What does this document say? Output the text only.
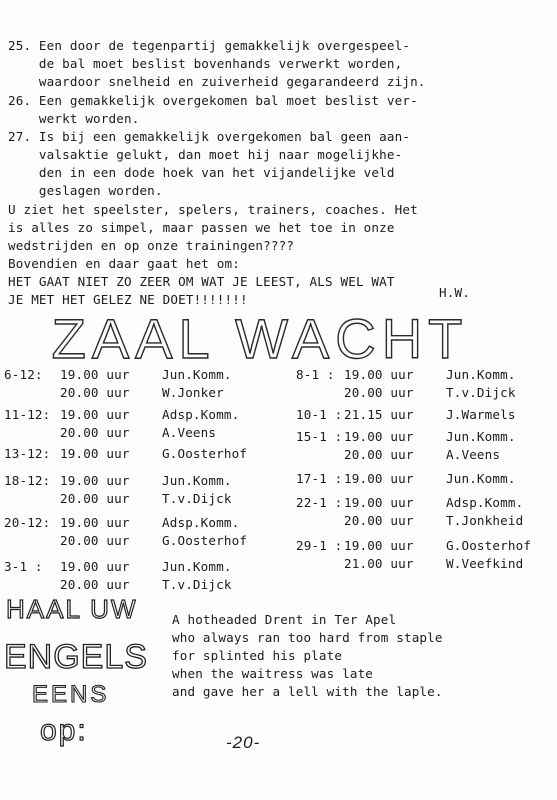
25. Een door de tegenpartij gemakkelijk overgespeel-

de bal moet beslist bovenhands verwerkt worden,

waardoor snelheid en zuiverheid gegarandeerd zijn.

26. Een gemakkelijk overgekomen bal moet beslist ver-

werkt worden.

27. Is bij een gemakkelijk overgekomen bal geen aan-

valsaktie gelukt, dan moet hij naar mogelijkhe-

den in een dode hoek van het vijandelijke veld

geslagen worden.

U ziet het speelster, spelers, trainers, coaches. Het

is alles zo simpel, maar passen we het toe in onze

wedstrijden en op onze trainingen????

Bovendien en daar gaat het om:

HET GAAT NIET ZO ZEER OM WAT JE LEEST, ALS WEL WAT

JE MET HET GELEZ NE DOET!!!!!!!	H.W.
ZAAL WACHT
6-12: 19.00 uur	Jun.Komm.
20.00 uur	W.Jonker
11-12: 19.00 uur	Adsp.Komm.
20.00 uur	A.Veens
13-12: 19.00 uur	G.Oosterhof
18-12: 19.00 uur	Jun.Komm.
20.00 uur	T.v.Dijck
20-12: 19.00 uur	Adsp.Komm.
20.00 uur	G.Oosterhof
3-1 : 19.00 uur	Jun.Komm.
20.00 uur	T.v.Dijck
8-1 : 19.00 uur	Jun.Komm.
20.00 uur	T.v.Dijck
10-1 : 21.15 uur	J.Warmels
15-1 : 19.00 uur	Jun.Komm.
20.00 uur	A.Veens
17-1 : 19.00 uur	Jun.Komm.
22-1 : 19.00 uur	Adsp.Komm.
20.00 uur	T.Jonkheid
29-1 : 19.00 uur	G.Oosterhof
21.00 uur	W.Veefkind
HAAL UW
ENGELS
EENS
op:

A hotheaded Drent in Ter Apel

who always ran too hard from staple

for splinted his plate

when the waitress was late

and gave her a lell with the laple.

-20-
